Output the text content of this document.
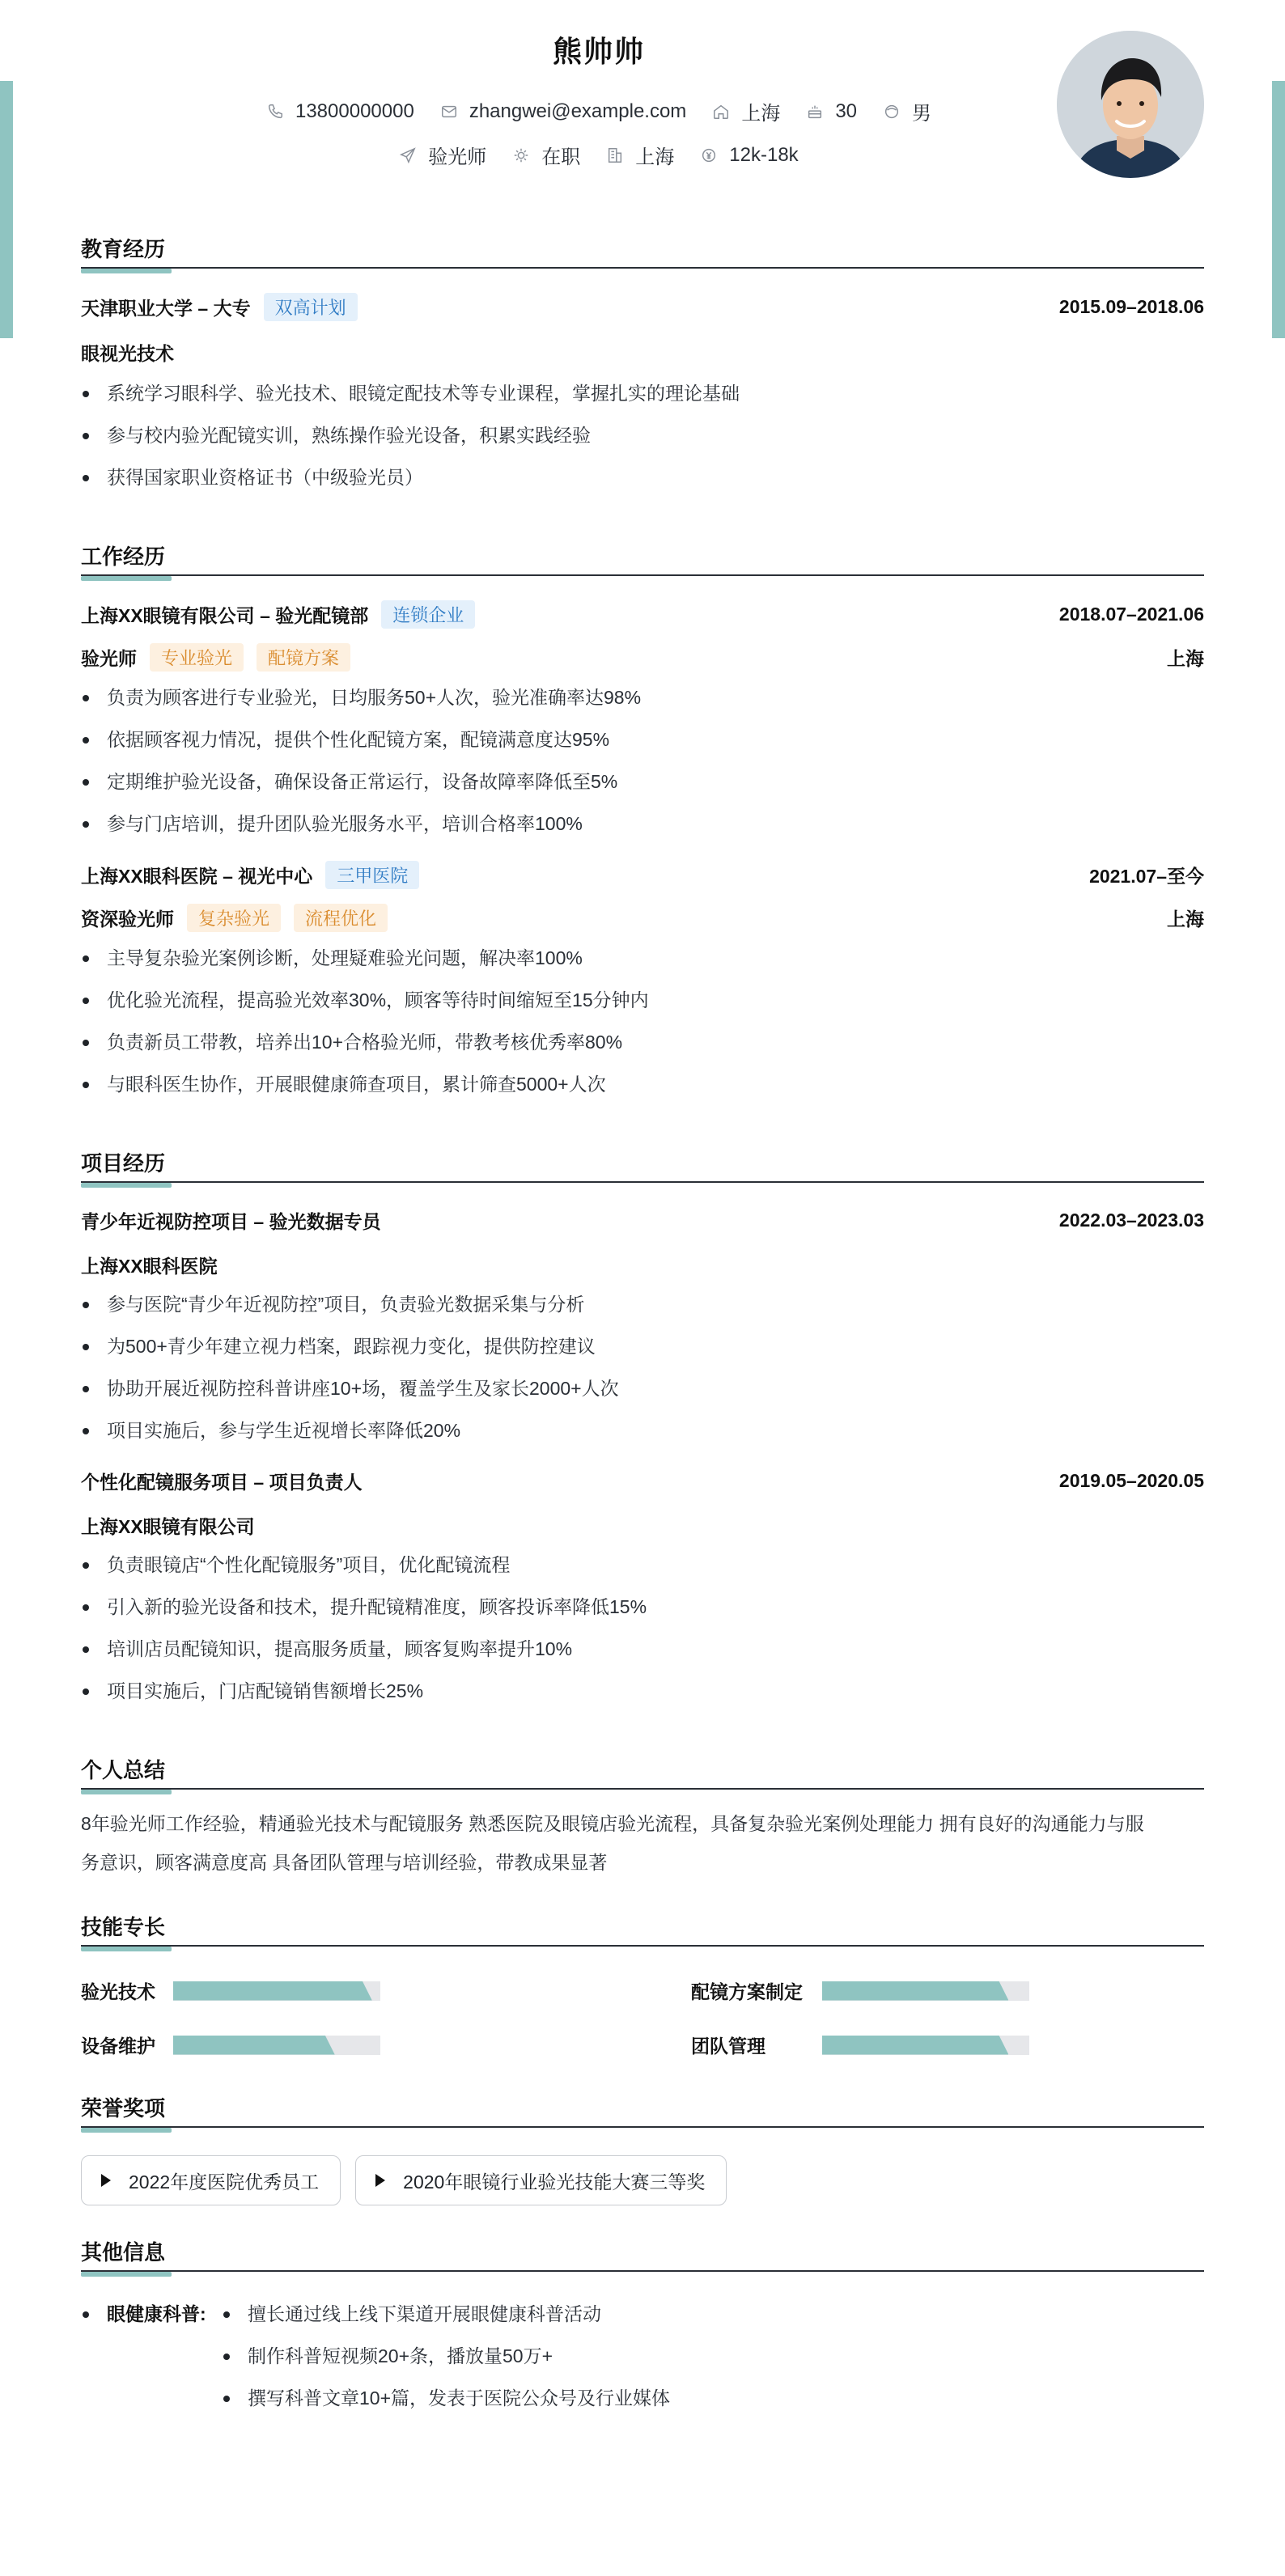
熊帅帅
13800000000	zhangwei@example.com	上海	30	男
验光师	在职	上海	12k-18k
教育经历
天津职业大学 – 大专	双高计划	2015.09–2018.06
眼视光技术
系统学习眼科学、验光技术、眼镜定配技术等专业课程，掌握扎实的理论基础
参与校内验光配镜实训，熟练操作验光设备，积累实践经验
获得国家职业资格证书（中级验光员）
工作经历
上海XX眼镜有限公司 – 验光配镜部	连锁企业	2018.07–2021.06
验光师	专业验光	配镜方案	上海
负责为顾客进行专业验光，日均服务50+人次，验光准确率达98%
依据顾客视力情况，提供个性化配镜方案，配镜满意度达95%
定期维护验光设备，确保设备正常运行，设备故障率降低至5%
参与门店培训，提升团队验光服务水平，培训合格率100%
上海XX眼科医院 – 视光中心	三甲医院	2021.07–至今
资深验光师	复杂验光	流程优化	上海
主导复杂验光案例诊断，处理疑难验光问题，解决率100%
优化验光流程，提高验光效率30%，顾客等待时间缩短至15分钟内
负责新员工带教，培养出10+合格验光师，带教考核优秀率80%
与眼科医生协作，开展眼健康筛查项目，累计筛查5000+人次
项目经历
青少年近视防控项目 – 验光数据专员	2022.03–2023.03
上海XX眼科医院
参与医院“青少年近视防控”项目，负责验光数据采集与分析
为500+青少年建立视力档案，跟踪视力变化，提供防控建议
协助开展近视防控科普讲座10+场，覆盖学生及家长2000+人次
项目实施后，参与学生近视增长率降低20%
个性化配镜服务项目 – 项目负责人	2019.05–2020.05
上海XX眼镜有限公司
负责眼镜店“个性化配镜服务”项目，优化配镜流程
引入新的验光设备和技术，提升配镜精准度，顾客投诉率降低15%
培训店员配镜知识，提高服务质量，顾客复购率提升10%
项目实施后，门店配镜销售额增长25%
个人总结
8年验光师工作经验，精通验光技术与配镜服务 熟悉医院及眼镜店验光流程，具备复杂验光案例处理能力 拥有良好的沟通能力与服
务意识，顾客满意度高 具备团队管理与培训经验，带教成果显著
技能专长
验光技术	配镜方案制定
设备维护	团队管理
荣誉奖项
2022年度医院优秀员工	2020年眼镜行业验光技能大赛三等奖
其他信息
眼健康科普:	擅长通过线上线下渠道开展眼健康科普活动
制作科普短视频20+条，播放量50万+
撰写科普文章10+篇，发表于医院公众号及行业媒体
